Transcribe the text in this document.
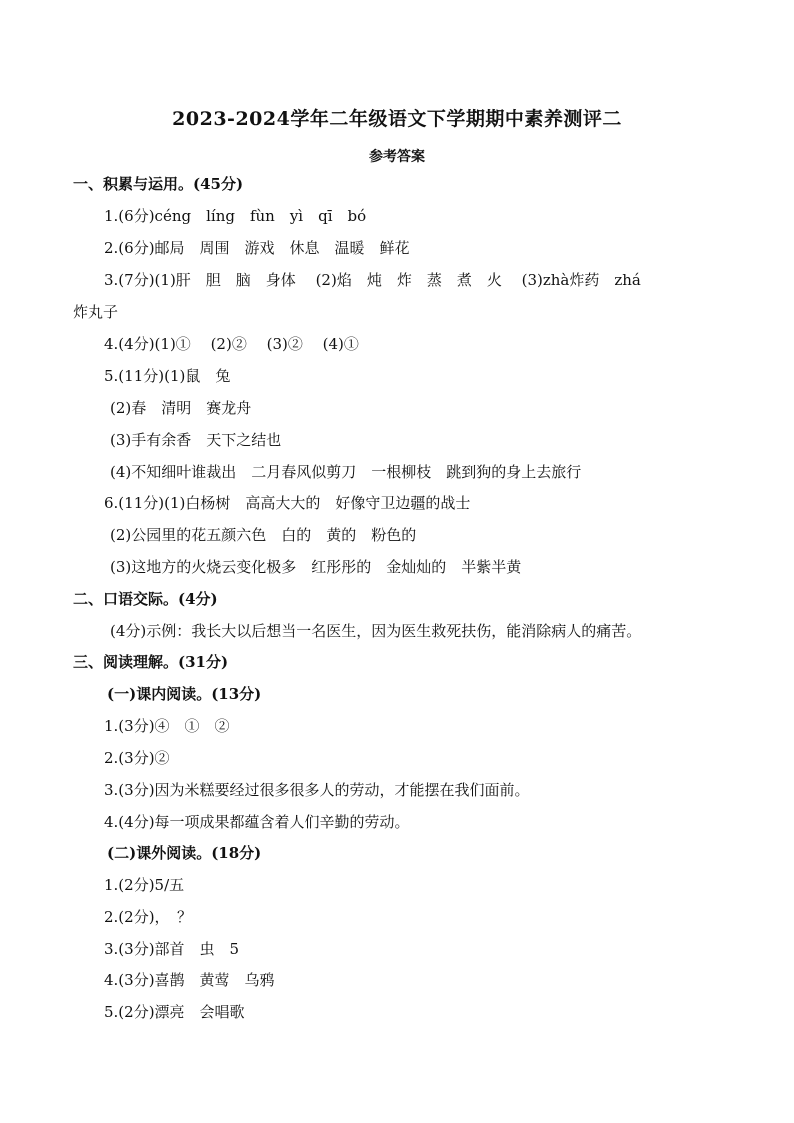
2023-2024学年二年级语文下学期期中素养测评二
参考答案
一、积累与运用。(45分)
1.(6分)céng　líng　fùn　yì　qī　bó
2.(6分)邮局　周围　游戏　休息　温暖　鲜花
3.(7分)(1)肝　胆　脑　身体　 (2)焰　炖　炸　蒸　煮　火　 (3)zhà炸药　zhá
炸丸子
4.(4分)(1)①　 (2)②　 (3)②　 (4)①
5.(11分)(1)鼠　兔
(2)春　清明　赛龙舟
(3)手有余香　天下之结也
(4)不知细叶谁裁出　二月春风似剪刀　一根柳枝　跳到狗的身上去旅行
6.(11分)(1)白杨树　高高大大的　好像守卫边疆的战士
(2)公园里的花五颜六色　白的　黄的　粉色的
(3)这地方的火烧云变化极多　红彤彤的　金灿灿的　半紫半黄
二、口语交际。(4分)
(4分)示例：我长大以后想当一名医生，因为医生救死扶伤，能消除病人的痛苦。
三、阅读理解。(31分)
(一)课内阅读。(13分)
1.(3分)④　①　②
2.(3分)②
3.(3分)因为米糕要经过很多很多人的劳动，才能摆在我们面前。
4.(4分)每一项成果都蕴含着人们辛勤的劳动。
(二)课外阅读。(18分)
1.(2分)5/五
2.(2分)，　？
3.(3分)部首　虫　5
4.(3分)喜鹊　黄莺　乌鸦
5.(2分)漂亮　会唱歌
